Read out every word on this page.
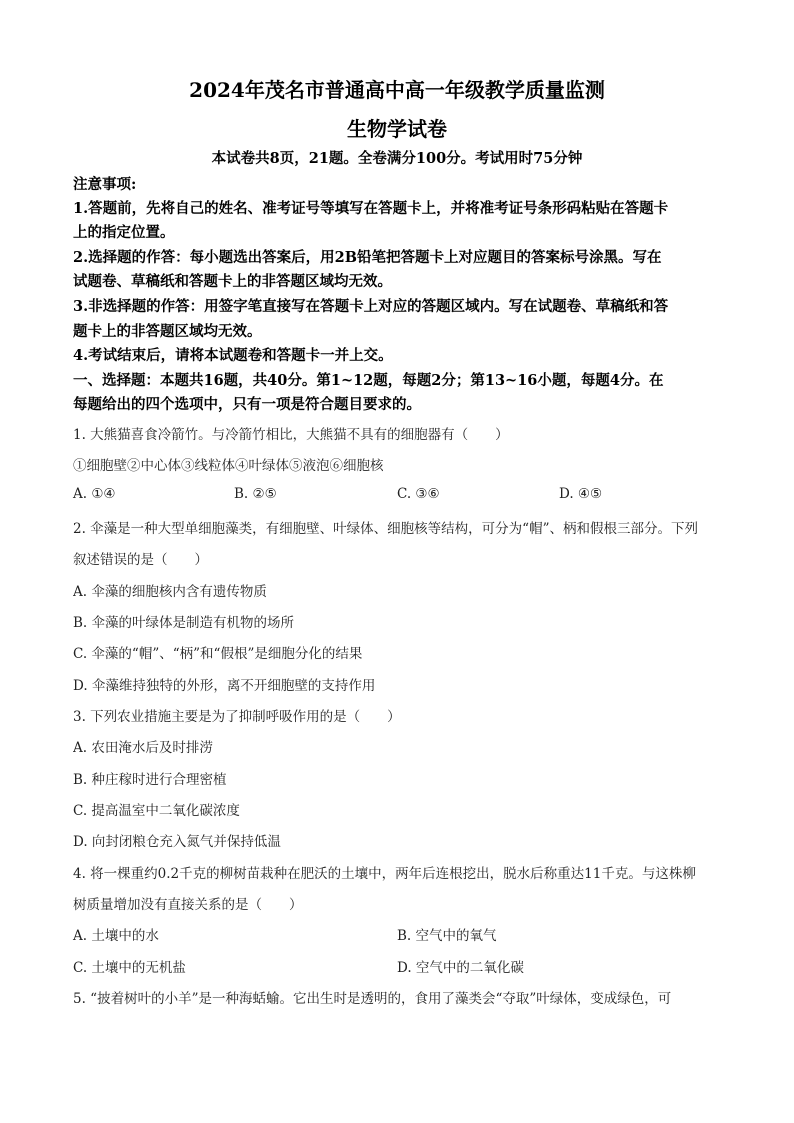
2024年茂名市普通高中高一年级教学质量监测
生物学试卷
本试卷共8页，21题。全卷满分100分。考试用时75分钟
注意事项:
1.答题前，先将自己的姓名、准考证号等填写在答题卡上，并将准考证号条形码粘贴在答题卡
上的指定位置。
2.选择题的作答：每小题选出答案后，用2B铅笔把答题卡上对应题目的答案标号涂黑。写在
试题卷、草稿纸和答题卡上的非答题区域均无效。
3.非选择题的作答：用签字笔直接写在答题卡上对应的答题区域内。写在试题卷、草稿纸和答
题卡上的非答题区域均无效。
4.考试结束后，请将本试题卷和答题卡一并上交。
一、选择题：本题共16题，共40分。第1~12题，每题2分；第13~16小题，每题4分。在
每题给出的四个选项中，只有一项是符合题目要求的。
1. 大熊猫喜食冷箭竹。与冷箭竹相比，大熊猫不具有的细胞器有（　　）
①细胞壁②中心体③线粒体④叶绿体⑤液泡⑥细胞核
A. ①④	B. ②⑤	C. ③⑥	D. ④⑤
2. 伞藻是一种大型单细胞藻类，有细胞壁、叶绿体、细胞核等结构，可分为“帽”、柄和假根三部分。下列
叙述错误的是（　　）
A. 伞藻的细胞核内含有遗传物质
B. 伞藻的叶绿体是制造有机物的场所
C. 伞藻的“帽”、“柄”和“假根”是细胞分化的结果
D. 伞藻维持独特的外形，离不开细胞壁的支持作用
3. 下列农业措施主要是为了抑制呼吸作用的是（　　）
A. 农田淹水后及时排涝
B. 种庄稼时进行合理密植
C. 提高温室中二氧化碳浓度
D. 向封闭粮仓充入氮气并保持低温
4. 将一棵重约0.2千克的柳树苗栽种在肥沃的土壤中，两年后连根挖出，脱水后称重达11千克。与这株柳
树质量增加没有直接关系的是（　　）
A. 土壤中的水	B. 空气中的氧气
C. 土壤中的无机盐	D. 空气中的二氧化碳
5. “披着树叶的小羊”是一种海蛞蝓。它出生时是透明的，食用了藻类会“夺取”叶绿体，变成绿色，可
